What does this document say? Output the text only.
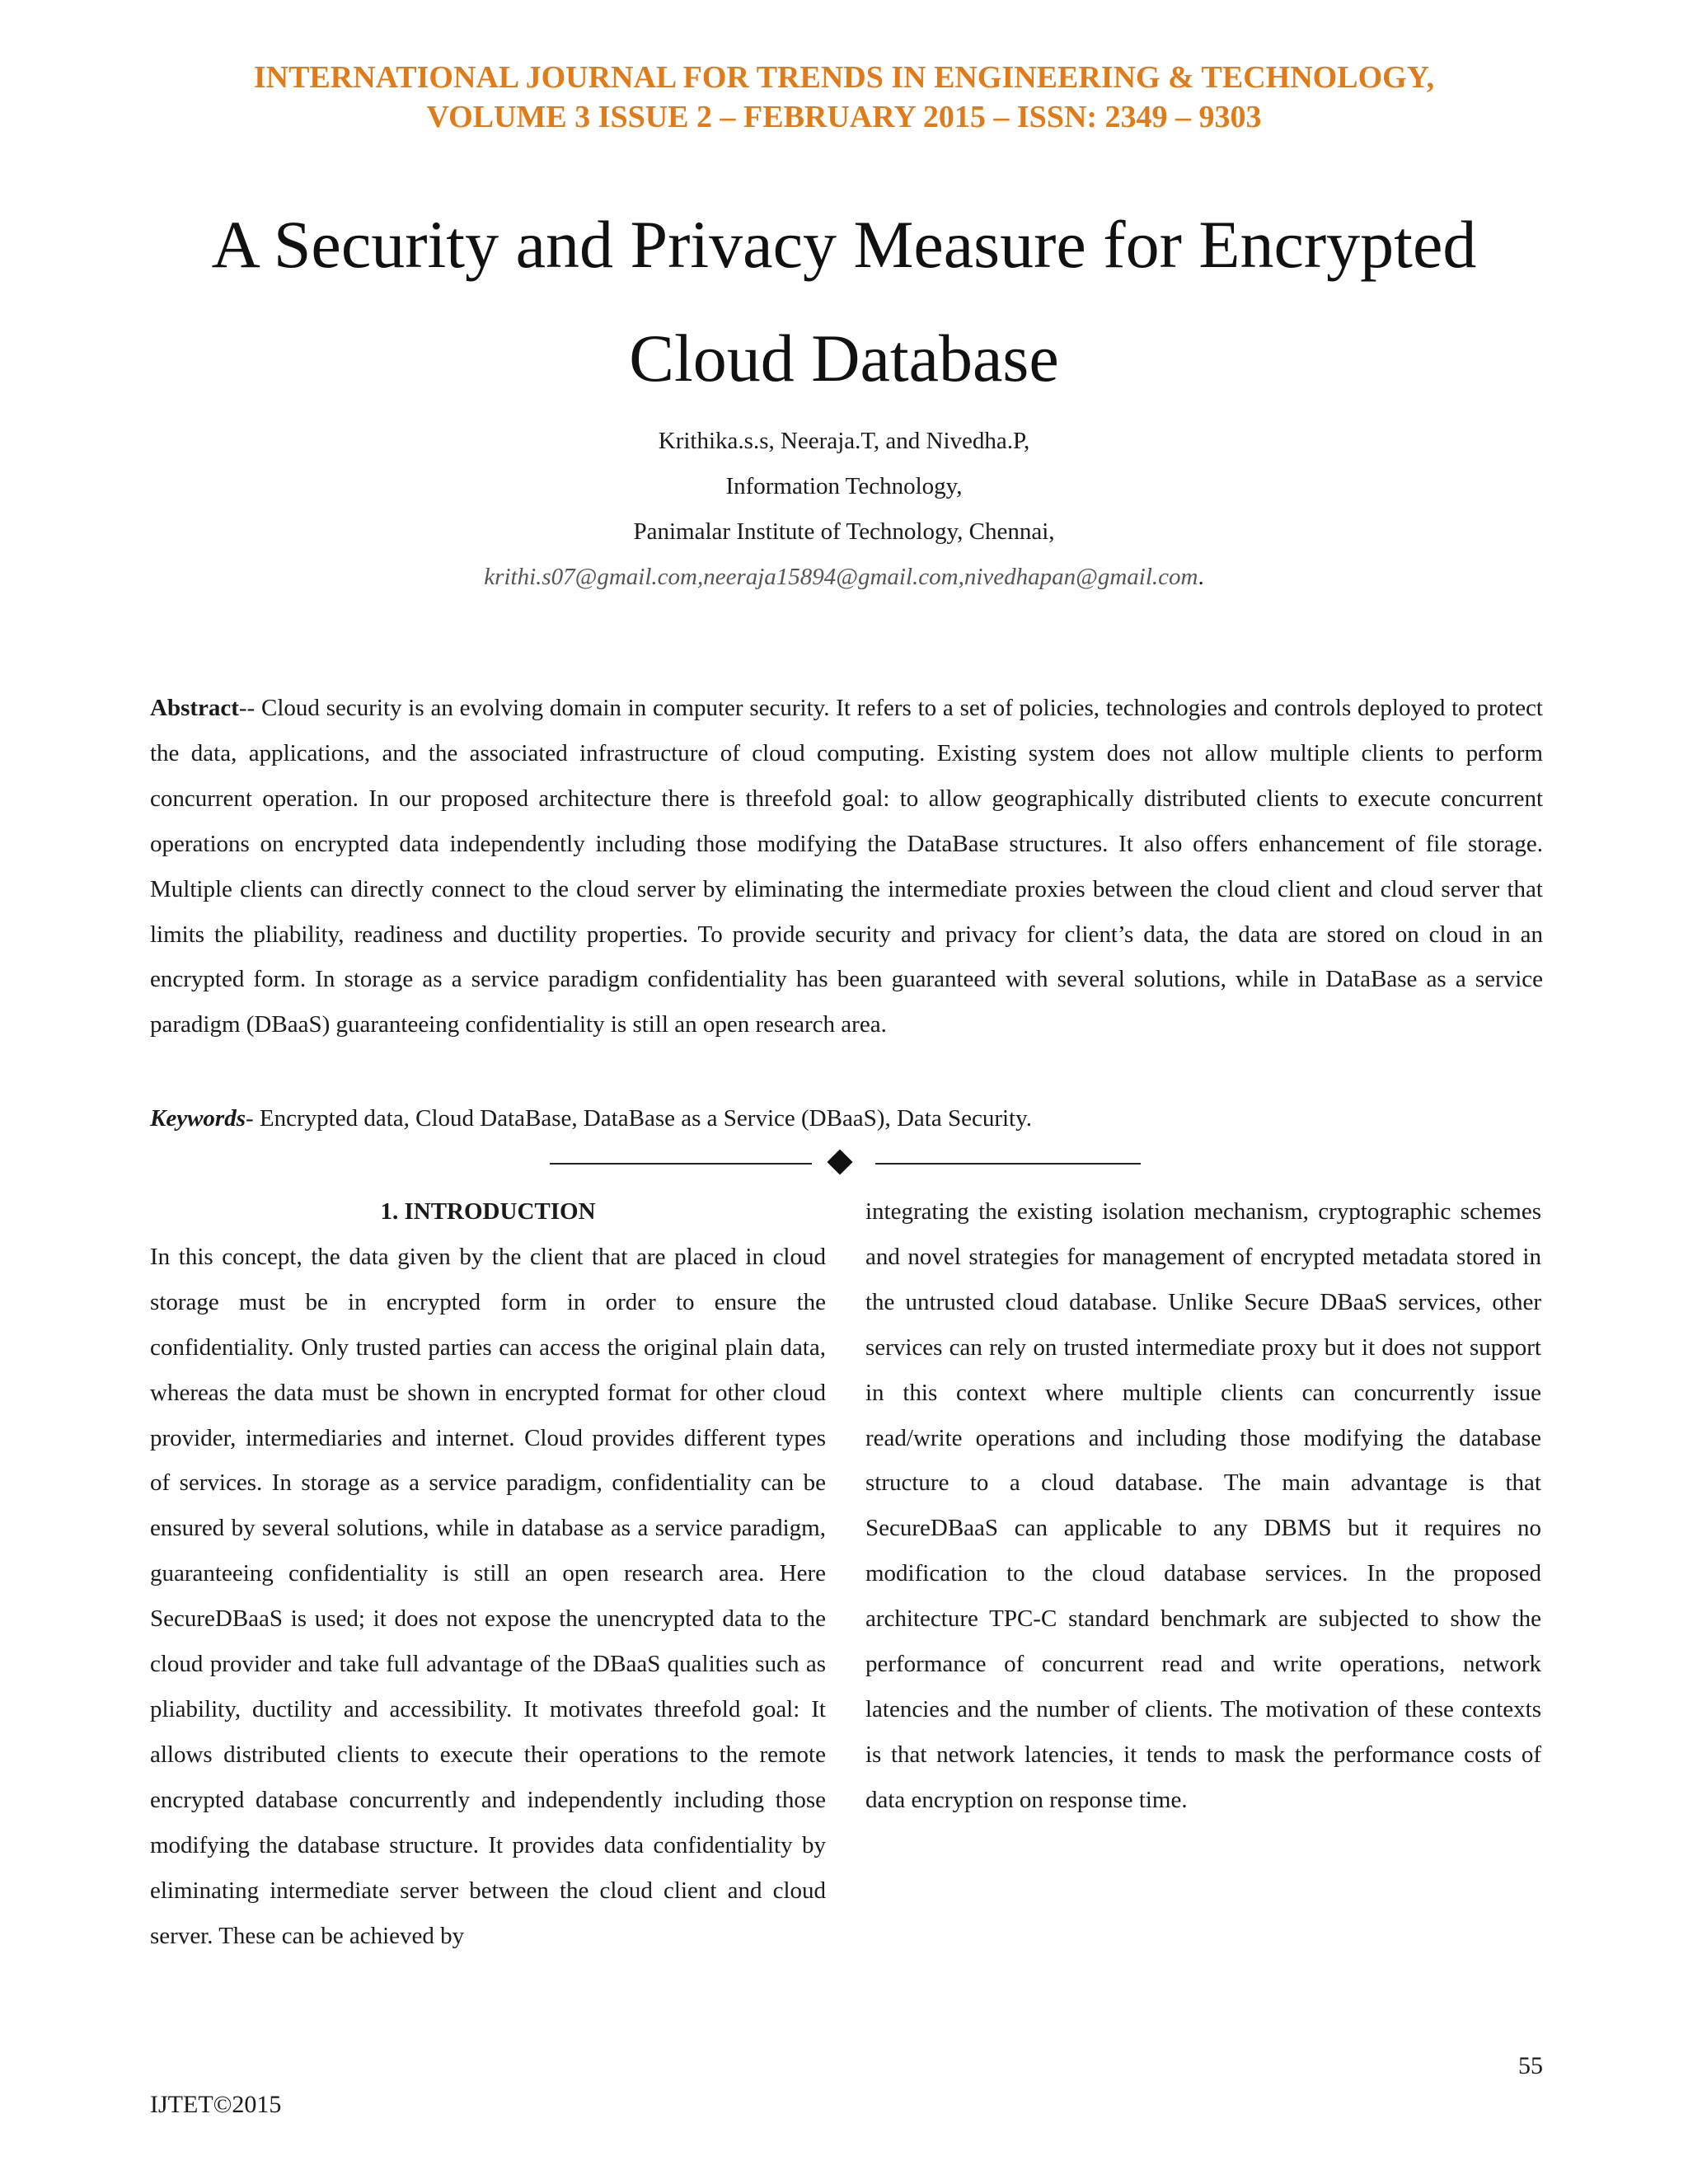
INTERNATIONAL JOURNAL FOR TRENDS IN ENGINEERING & TECHNOLOGY,
VOLUME 3 ISSUE 2 – FEBRUARY 2015 – ISSN: 2349 – 9303
A Security and Privacy Measure for Encrypted
Cloud Database
Krithika.s.s, Neeraja.T, and Nivedha.P,
Information Technology,
Panimalar Institute of Technology, Chennai,
krithi.s07@gmail.com,neeraja15894@gmail.com,nivedhapan@gmail.com.

Abstract-- Cloud security is an evolving domain in computer security. It refers to a set of policies, technologies and controls deployed to protect the data, applications, and the associated infrastructure of cloud computing. Existing system does not allow multiple clients to perform concurrent operation. In our proposed architecture there is threefold goal: to allow geographically distributed clients to execute concurrent operations on encrypted data independently including those modifying the DataBase structures. It also offers enhancement of file storage. Multiple clients can directly connect to the cloud server by eliminating the intermediate proxies between the cloud client and cloud server that limits the pliability, readiness and ductility properties. To provide security and privacy for client’s data, the data are stored on cloud in an encrypted form. In storage as a service paradigm confidentiality has been guaranteed with several solutions, while in DataBase as a service paradigm (DBaaS) guaranteeing confidentiality is still an open research area.

Keywords- Encrypted data, Cloud DataBase, DataBase as a Service (DBaaS), Data Security.

1. INTRODUCTION

In this concept, the data given by the client that are placed in cloud storage must be in encrypted form in order to ensure the confidentiality. Only trusted parties can access the original plain data, whereas the data must be shown in encrypted format for other cloud provider, intermediaries and internet. Cloud provides different types of services. In storage as a service paradigm, confidentiality can be ensured by several solutions, while in database as a service paradigm, guaranteeing confidentiality is still an open research area. Here SecureDBaaS is used; it does not expose the unencrypted data to the cloud provider and take full advantage of the DBaaS qualities such as pliability, ductility and accessibility. It motivates threefold goal: It allows distributed clients to execute their operations to the remote encrypted database concurrently and independently including those modifying the database structure. It provides data confidentiality by eliminating intermediate server between the cloud client and cloud server. These can be achieved by

integrating the existing isolation mechanism, cryptographic schemes and novel strategies for management of encrypted metadata stored in the untrusted cloud database. Unlike Secure DBaaS services, other services can rely on trusted intermediate proxy but it does not support in this context where multiple clients can concurrently issue read/write operations and including those modifying the database structure to a cloud database. The main advantage is that SecureDBaaS can applicable to any DBMS but it requires no modification to the cloud database services. In the proposed architecture TPC-C standard benchmark are subjected to show the performance of concurrent read and write operations, network latencies and the number of clients. The motivation of these contexts is that network latencies, it tends to mask the performance costs of data encryption on response time.

55
IJTET©2015
